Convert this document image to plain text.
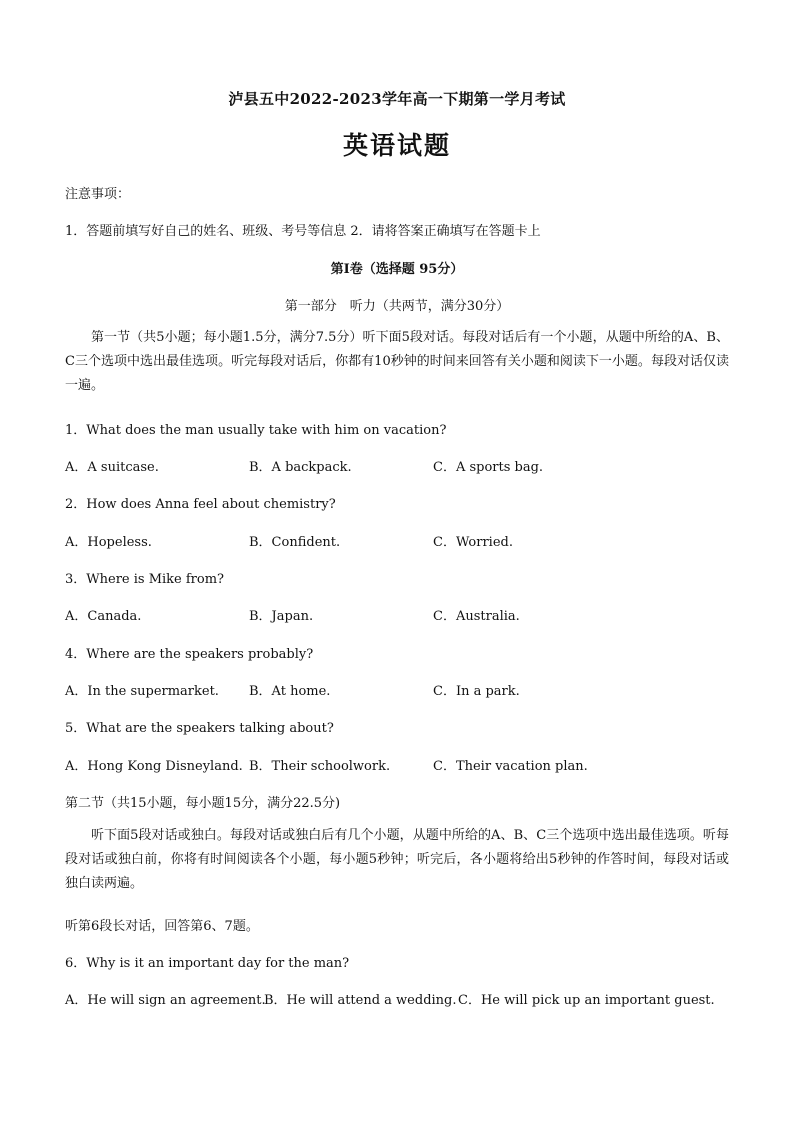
泸县五中2022-2023学年高一下期第一学月考试
英语试题
注意事项：
1．答题前填写好自己的姓名、班级、考号等信息 2．请将答案正确填写在答题卡上
第I卷（选择题 95分）
第一部分　听力（共两节，满分30分）
第一节（共5小题；每小题1.5分，满分7.5分）听下面5段对话。每段对话后有一个小题，从题中所给的A、B、C三个选项中选出最佳选项。听完每段对话后，你都有10秒钟的时间来回答有关小题和阅读下一小题。每段对话仅读一遍。
1．What does the man usually take with him on vacation?
A．A suitcase.	B．A backpack.	C．A sports bag.
2．How does Anna feel about chemistry?
A．Hopeless.	B．Confident.	C．Worried.
3．Where is Mike from?
A．Canada.	B．Japan.	C．Australia.
4．Where are the speakers probably?
A．In the supermarket. B．At home.	C．In a park.
5．What are the speakers talking about?
A．Hong Kong Disneyland. B．Their schoolwork.	C．Their vacation plan.
第二节（共15小题，每小题15分，满分22.5分)
听下面5段对话或独白。每段对话或独白后有几个小题，从题中所给的A、B、C三个选项中选出最佳选项。听每段对话或独白前，你将有时间阅读各个小题，每小题5秒钟；听完后，各小题将给出5秒钟的作答时间，每段对话或独白读两遍。
听第6段长对话，回答第6、7题。
6．Why is it an important day for the man?
A．He will sign an agreement.
B．He will attend a wedding. C．He will pick up an important guest.
